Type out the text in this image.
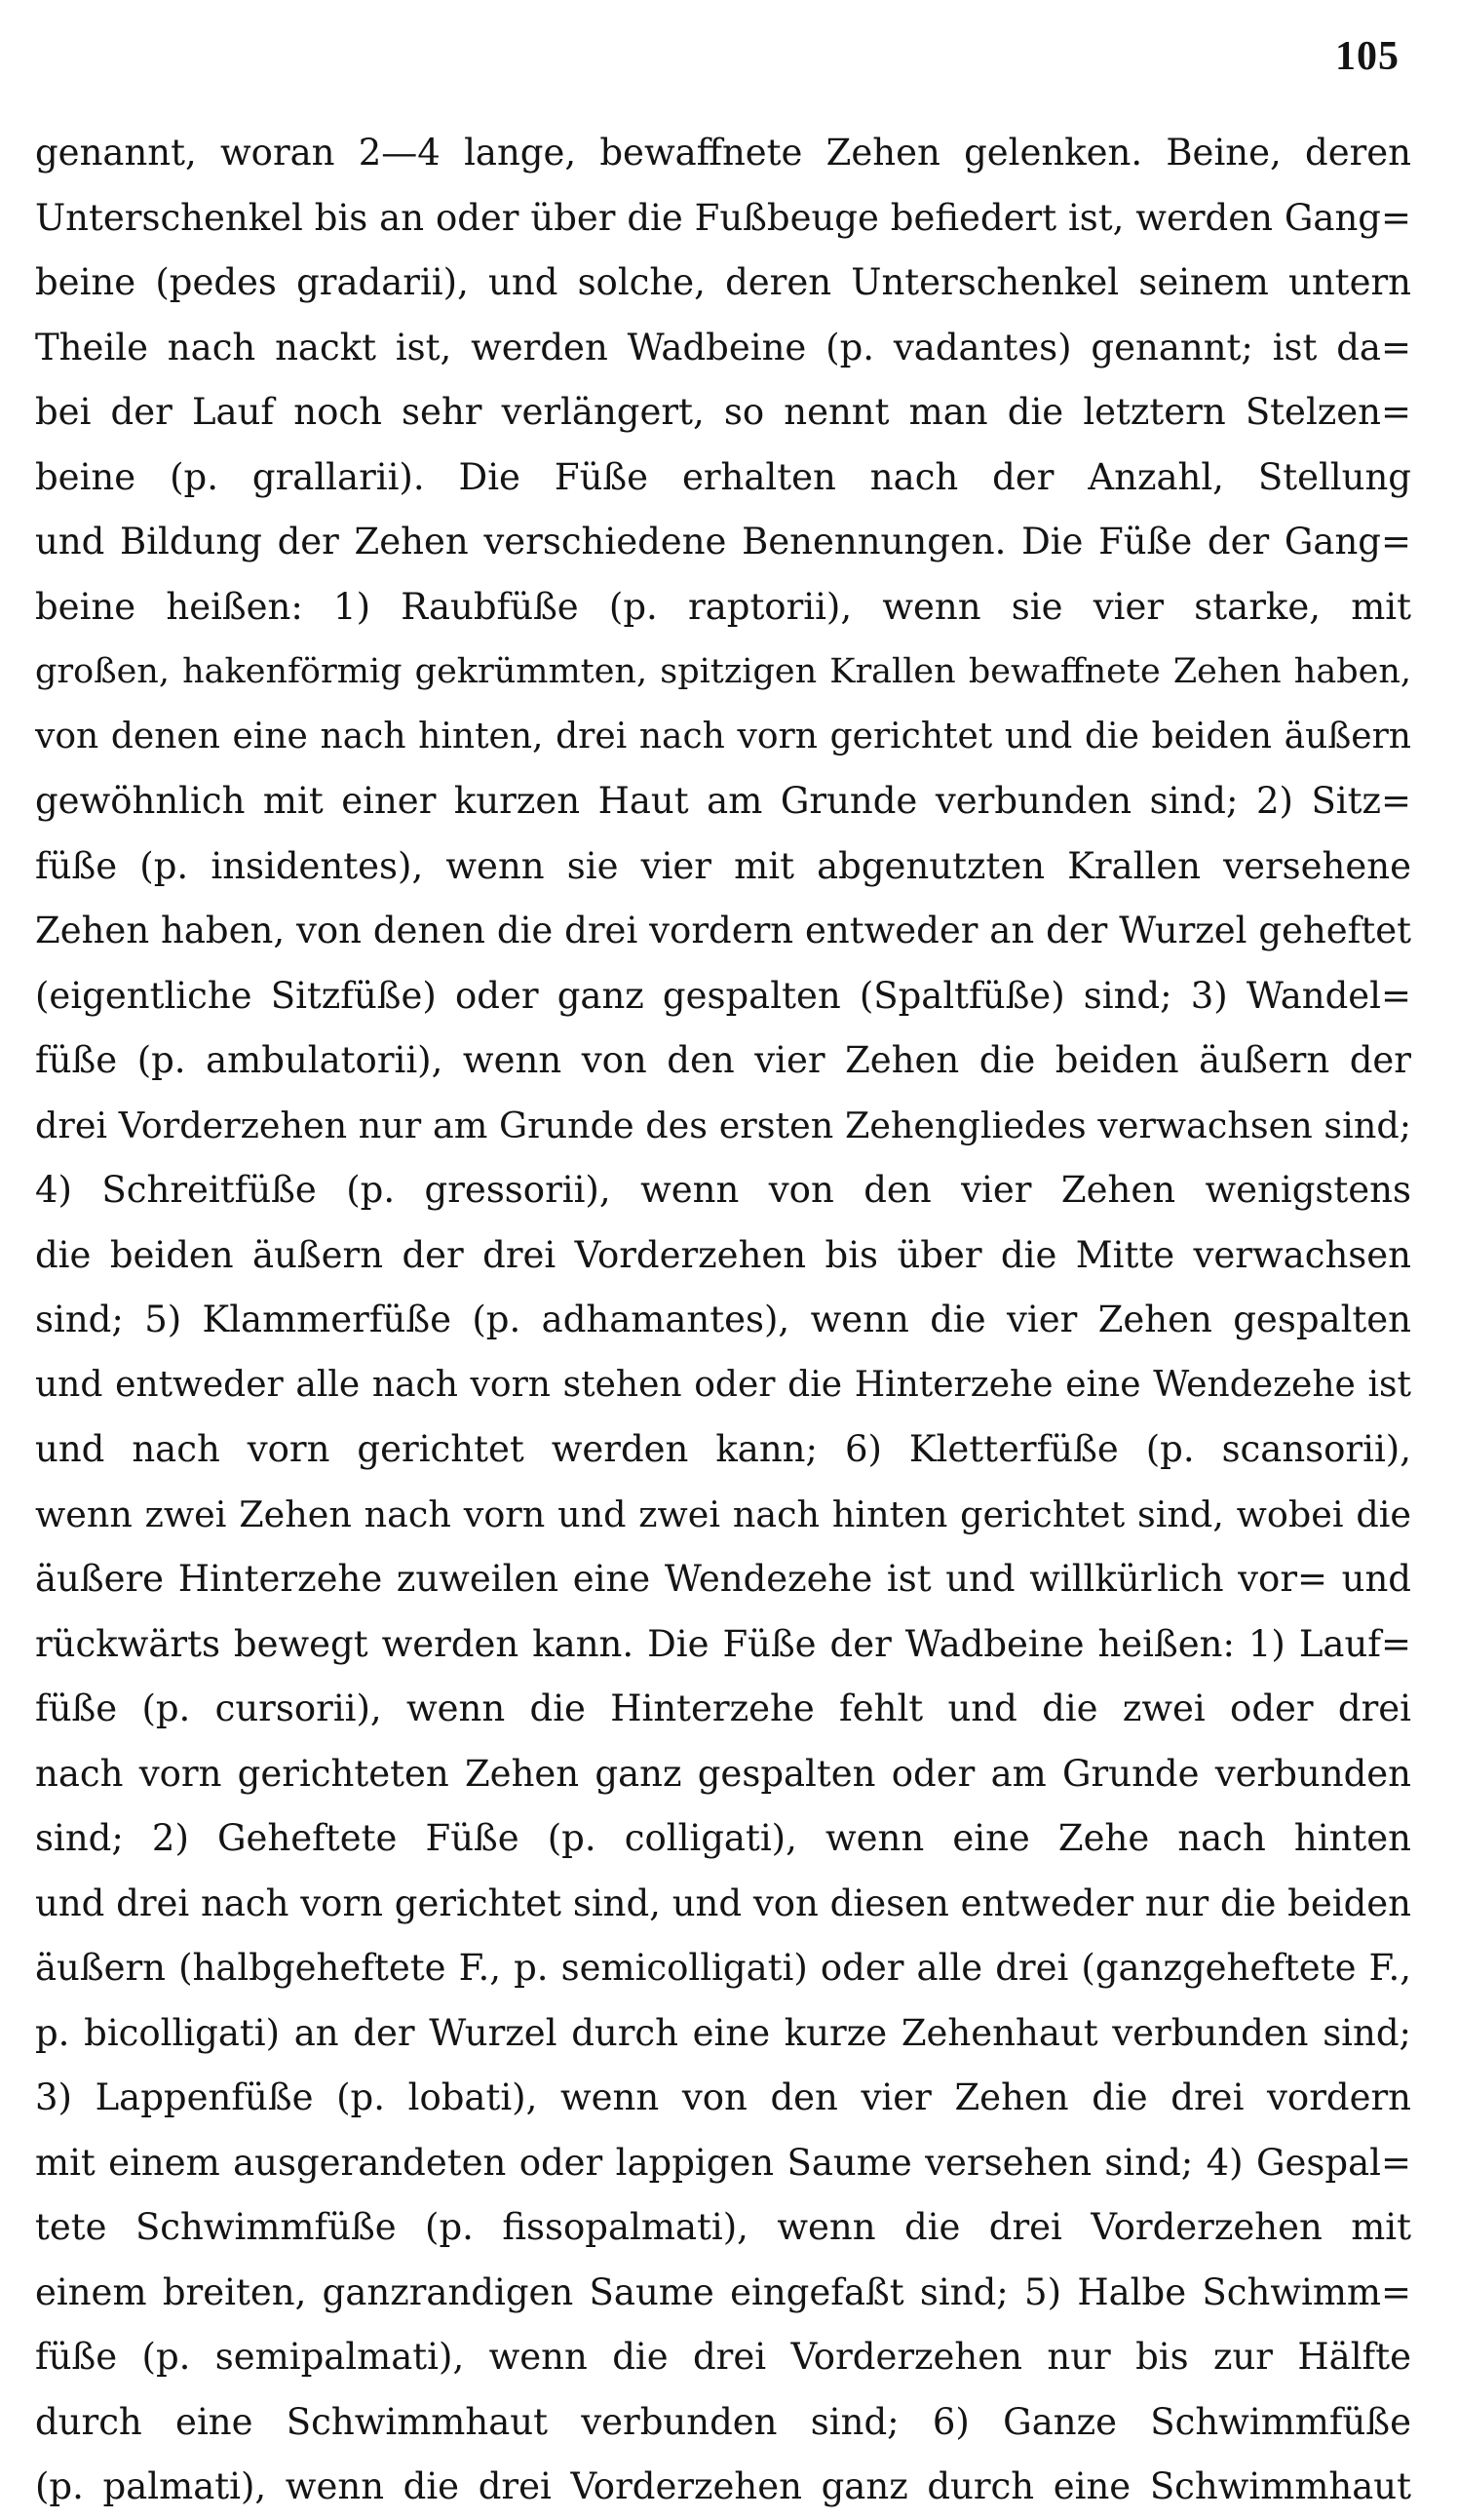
105
genannt, woran 2—4 lange, bewaffnete Zehen gelenken. Beine, deren
Unterschenkel bis an oder über die Fußbeuge befiedert ist, werden Gang=
beine (pedes gradarii), und solche, deren Unterschenkel seinem untern
Theile nach nackt ist, werden Wadbeine (p. vadantes) genannt; ist da=
bei der Lauf noch sehr verlängert, so nennt man die letztern Stelzen=
beine (p. grallarii). Die Füße erhalten nach der Anzahl, Stellung
und Bildung der Zehen verschiedene Benennungen. Die Füße der Gang=
beine heißen: 1) Raubfüße (p. raptorii), wenn sie vier starke, mit
großen, hakenförmig gekrümmten, spitzigen Krallen bewaffnete Zehen haben,
von denen eine nach hinten, drei nach vorn gerichtet und die beiden äußern
gewöhnlich mit einer kurzen Haut am Grunde verbunden sind; 2) Sitz=
füße (p. insidentes), wenn sie vier mit abgenutzten Krallen versehene
Zehen haben, von denen die drei vordern entweder an der Wurzel geheftet
(eigentliche Sitzfüße) oder ganz gespalten (Spaltfüße) sind; 3) Wandel=
füße (p. ambulatorii), wenn von den vier Zehen die beiden äußern der
drei Vorderzehen nur am Grunde des ersten Zehengliedes verwachsen sind;
4) Schreitfüße (p. gressorii), wenn von den vier Zehen wenigstens
die beiden äußern der drei Vorderzehen bis über die Mitte verwachsen
sind; 5) Klammerfüße (p. adhamantes), wenn die vier Zehen gespalten
und entweder alle nach vorn stehen oder die Hinterzehe eine Wendezehe ist
und nach vorn gerichtet werden kann; 6) Kletterfüße (p. scansorii),
wenn zwei Zehen nach vorn und zwei nach hinten gerichtet sind, wobei die
äußere Hinterzehe zuweilen eine Wendezehe ist und willkürlich vor= und
rückwärts bewegt werden kann. Die Füße der Wadbeine heißen: 1) Lauf=
füße (p. cursorii), wenn die Hinterzehe fehlt und die zwei oder drei
nach vorn gerichteten Zehen ganz gespalten oder am Grunde verbunden
sind; 2) Geheftete Füße (p. colligati), wenn eine Zehe nach hinten
und drei nach vorn gerichtet sind, und von diesen entweder nur die beiden
äußern (halbgeheftete F., p. semicolligati) oder alle drei (ganzgeheftete F.,
p. bicolligati) an der Wurzel durch eine kurze Zehenhaut verbunden sind;
3) Lappenfüße (p. lobati), wenn von den vier Zehen die drei vordern
mit einem ausgerandeten oder lappigen Saume versehen sind; 4) Gespal=
tete Schwimmfüße (p. fissopalmati), wenn die drei Vorderzehen mit
einem breiten, ganzrandigen Saume eingefaßt sind; 5) Halbe Schwimm=
füße (p. semipalmati), wenn die drei Vorderzehen nur bis zur Hälfte
durch eine Schwimmhaut verbunden sind; 6) Ganze Schwimmfüße
(p. palmati), wenn die drei Vorderzehen ganz durch eine Schwimmhaut
